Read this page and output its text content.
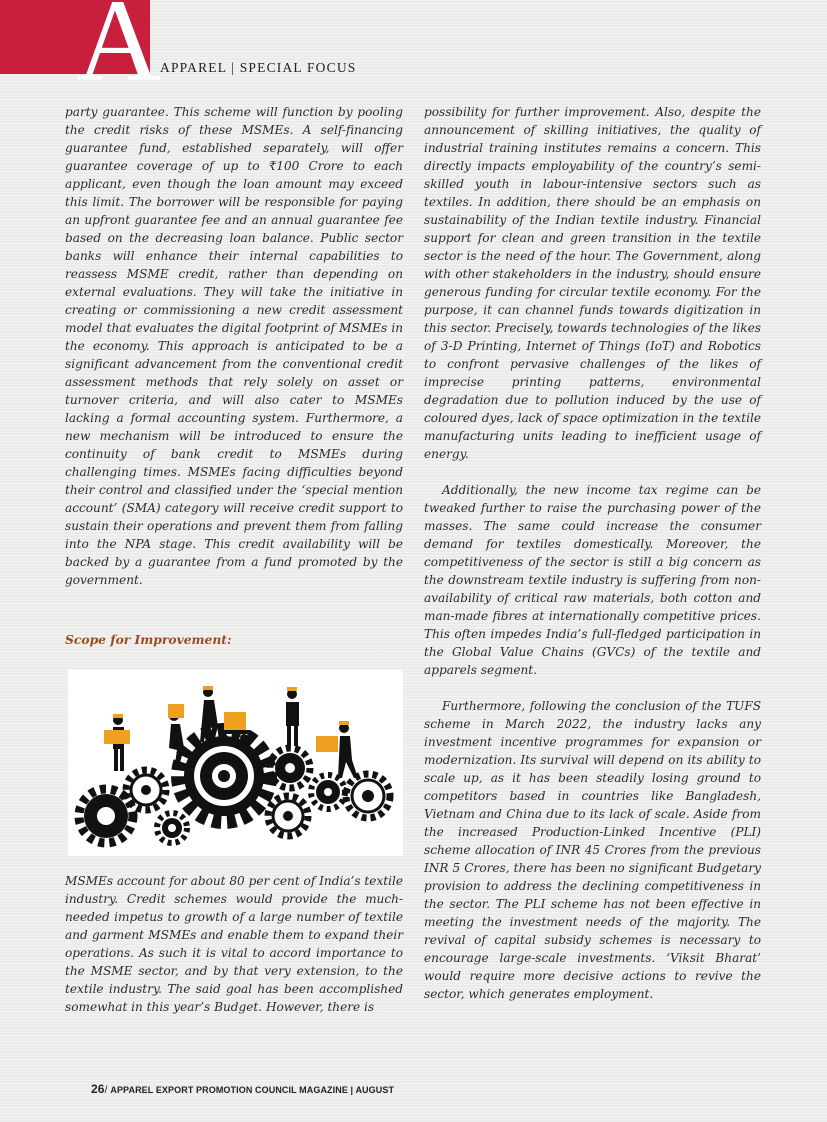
A
APPAREL | SPECIAL FOCUS

party guarantee. This scheme will function by pooling the credit risks of these MSMEs. A self-financing guarantee fund, established separately, will offer guarantee coverage of up to ₹100 Crore to each applicant, even though the loan amount may exceed this limit. The borrower will be responsible for paying an upfront guarantee fee and an annual guarantee fee based on the decreasing loan balance. Public sector banks will enhance their internal capabilities to reassess MSME credit, rather than depending on external evaluations. They will take the initiative in creating or commissioning a new credit assessment model that evaluates the digital footprint of MSMEs in the economy. This approach is anticipated to be a significant advancement from the conventional credit assessment methods that rely solely on asset or turnover criteria, and will also cater to MSMEs lacking a formal accounting system. Furthermore, a new mechanism will be introduced to ensure the continuity of bank credit to MSMEs during challenging times. MSMEs facing difficulties beyond their control and classified under the ‘special mention account’ (SMA) category will receive credit support to sustain their operations and prevent them from falling into the NPA stage. This credit availability will be backed by a guarantee from a fund promoted by the government.

Scope for Improvement:

MSMEs account for about 80 per cent of India’s textile industry. Credit schemes would provide the much-needed impetus to growth of a large number of textile and garment MSMEs and enable them to expand their operations. As such it is vital to accord importance to the MSME sector, and by that very extension, to the textile industry. The said goal has been accomplished somewhat in this year’s Budget. However, there is

possibility for further improvement. Also, despite the announcement of skilling initiatives, the quality of industrial training institutes remains a concern. This directly impacts employability of the country’s semi-skilled youth in labour-intensive sectors such as textiles. In addition, there should be an emphasis on sustainability of the Indian textile industry. Financial support for clean and green transition in the textile sector is the need of the hour. The Government, along with other stakeholders in the industry, should ensure generous funding for circular textile economy. For the purpose, it can channel funds towards digitization in this sector. Precisely, towards technologies of the likes of 3-D Printing, Internet of Things (IoT) and Robotics to confront pervasive challenges of the likes of imprecise printing patterns, environmental degradation due to pollution induced by the use of coloured dyes, lack of space optimization in the textile manufacturing units leading to inefficient usage of energy.

Additionally, the new income tax regime can be tweaked further to raise the purchasing power of the masses. The same could increase the consumer demand for textiles domestically. Moreover, the competitiveness of the sector is still a big concern as the downstream textile industry is suffering from non-availability of critical raw materials, both cotton and man-made fibres at internationally competitive prices. This often impedes India’s full-fledged participation in the Global Value Chains (GVCs) of the textile and apparels segment.

Furthermore, following the conclusion of the TUFS scheme in March 2022, the industry lacks any investment incentive programmes for expansion or modernization. Its survival will depend on its ability to scale up, as it has been steadily losing ground to competitors based in countries like Bangladesh, Vietnam and China due to its lack of scale. Aside from the increased Production-Linked Incentive (PLI) scheme allocation of INR 45 Crores from the previous INR 5 Crores, there has been no significant Budgetary provision to address the declining competitiveness in the sector. The PLI scheme has not been effective in meeting the investment needs of the majority. The revival of capital subsidy schemes is necessary to encourage large-scale investments. ‘Viksit Bharat’ would require more decisive actions to revive the sector, which generates employment.

26/ APPAREL EXPORT PROMOTION COUNCIL MAGAZINE | AUGUST
